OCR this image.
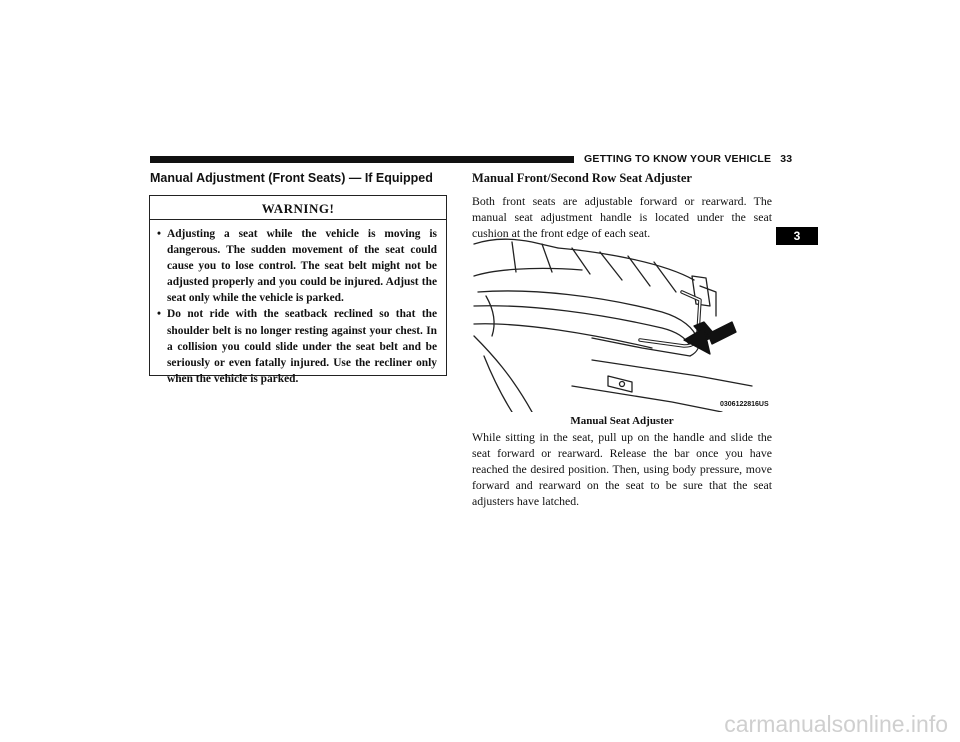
GETTING TO KNOW YOUR VEHICLE 33
Manual Adjustment (Front Seats) — If Equipped
WARNING!
• Adjusting a seat while the vehicle is moving is dangerous. The sudden movement of the seat could cause you to lose control. The seat belt might not be adjusted properly and you could be injured. Adjust the seat only while the vehicle is parked.
• Do not ride with the seatback reclined so that the shoulder belt is no longer resting against your chest. In a collision you could slide under the seat belt and be seriously or even fatally injured. Use the recliner only when the vehicle is parked.
Manual Front/Second Row Seat Adjuster

Both front seats are adjustable forward or rearward. The manual seat adjustment handle is located under the seat cushion at the front edge of each seat.

0306122816US
Manual Seat Adjuster

While sitting in the seat, pull up on the handle and slide the seat forward or rearward. Release the bar once you have reached the desired position. Then, using body pressure, move forward and rearward on the seat to be sure that the seat adjusters have latched.

3
carmanualsonline.info
